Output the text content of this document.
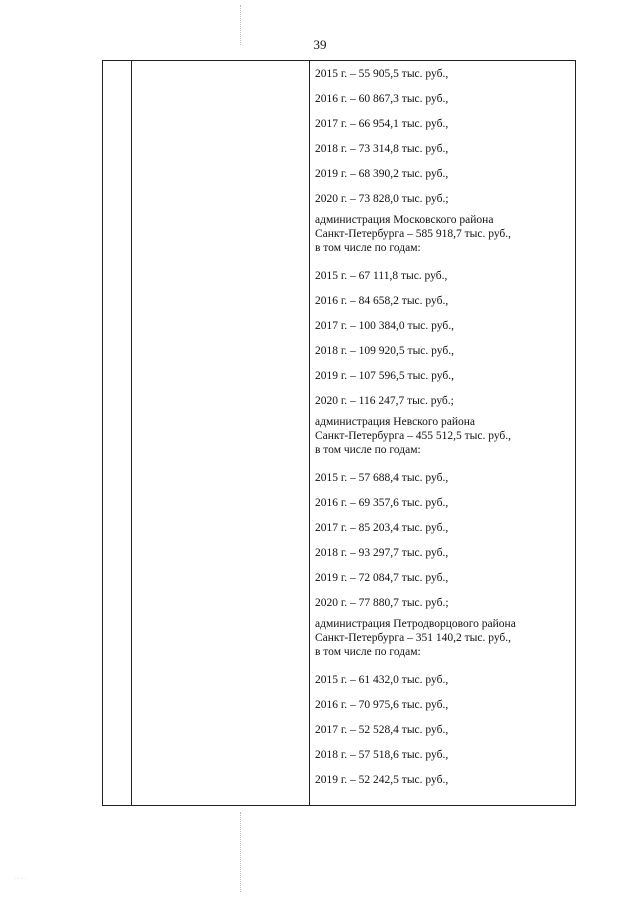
39
· · · ·
2015 г. – 55 905,5 тыс. руб.,
2016 г. – 60 867,3 тыс. руб.,
2017 г. – 66 954,1 тыс. руб.,
2018 г. – 73 314,8 тыс. руб.,
2019 г. – 68 390,2 тыс. руб.,
2020 г. – 73 828,0 тыс. руб.;
администрация Московского района
Санкт-Петербурга – 585 918,7 тыс. руб.,
в том числе по годам:
2015 г. – 67 111,8 тыс. руб.,
2016 г. – 84 658,2 тыс. руб.,
2017 г. – 100 384,0 тыс. руб.,
2018 г. – 109 920,5 тыс. руб.,
2019 г. – 107 596,5 тыс. руб.,
2020 г. – 116 247,7 тыс. руб.;
администрация Невского района
Санкт-Петербурга – 455 512,5 тыс. руб.,
в том числе по годам:
2015 г. – 57 688,4 тыс. руб.,
2016 г. – 69 357,6 тыс. руб.,
2017 г. – 85 203,4 тыс. руб.,
2018 г. – 93 297,7 тыс. руб.,
2019 г. – 72 084,7 тыс. руб.,
2020 г. – 77 880,7 тыс. руб.;
администрация Петродворцового района
Санкт-Петербурга – 351 140,2 тыс. руб.,
в том числе по годам:
2015 г. – 61 432,0 тыс. руб.,
2016 г. – 70 975,6 тыс. руб.,
2017 г. – 52 528,4 тыс. руб.,
2018 г. – 57 518,6 тыс. руб.,
2019 г. – 52 242,5 тыс. руб.,
